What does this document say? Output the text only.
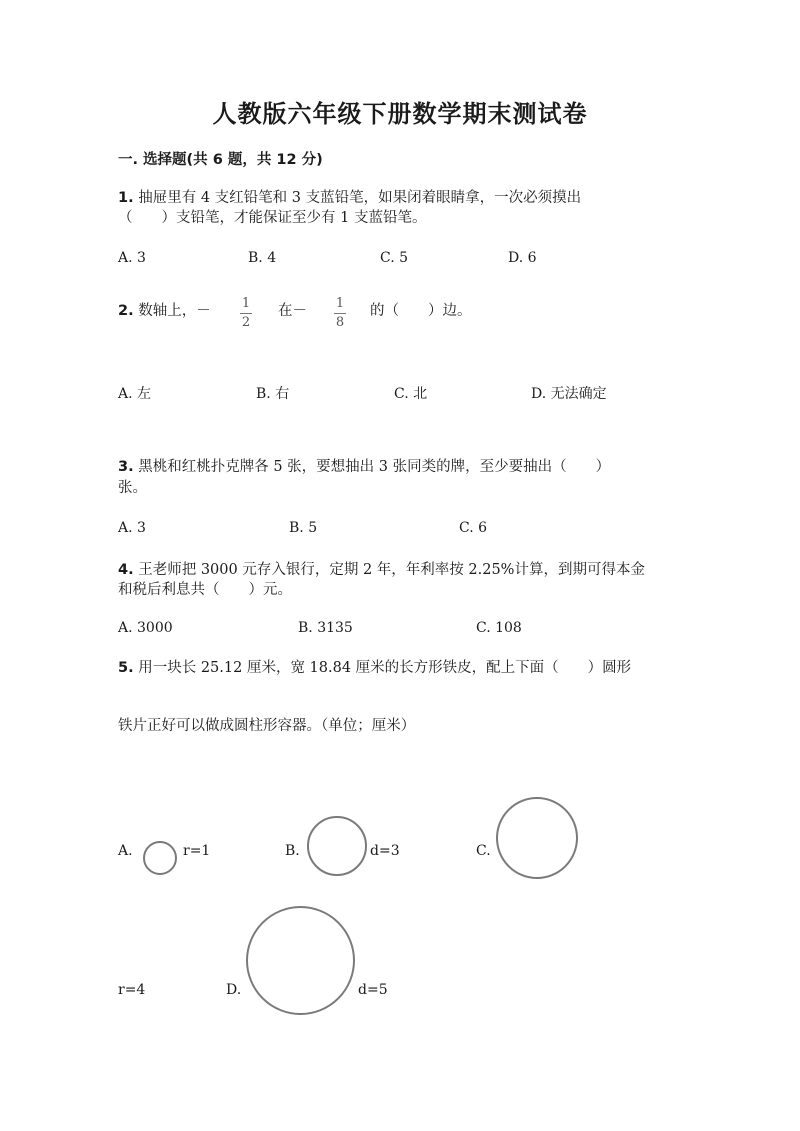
人教版六年级下册数学期末测试卷
一. 选择题(共 6 题，共 12 分)
1. 抽屉里有 4 支红铅笔和 3 支蓝铅笔，如果闭着眼睛拿，一次必须摸出
（　　）支铅笔，才能保证至少有 1 支蓝铅笔。
A. 3	B. 4	C. 5	D. 6
2. 数轴上，－ 1
2
在－ 1
8
的（　　）边。
A. 左	B. 右	C. 北	D. 无法确定
3. 黑桃和红桃扑克牌各 5 张，要想抽出 3 张同类的牌，至少要抽出（　　）
张。
A. 3	B. 5	C. 6
4. 王老师把 3000 元存入银行，定期 2 年，年利率按 2.25%计算，到期可得本金
和税后利息共（　　）元。
A. 3000	B. 3135	C. 108
5. 用一块长 25.12 厘米，宽 18.84 厘米的长方形铁皮，配上下面（　　）圆形
铁片正好可以做成圆柱形容器。（单位；厘米）
A.	r=1	B.	d=3	C.
r=4	D.	d=5
